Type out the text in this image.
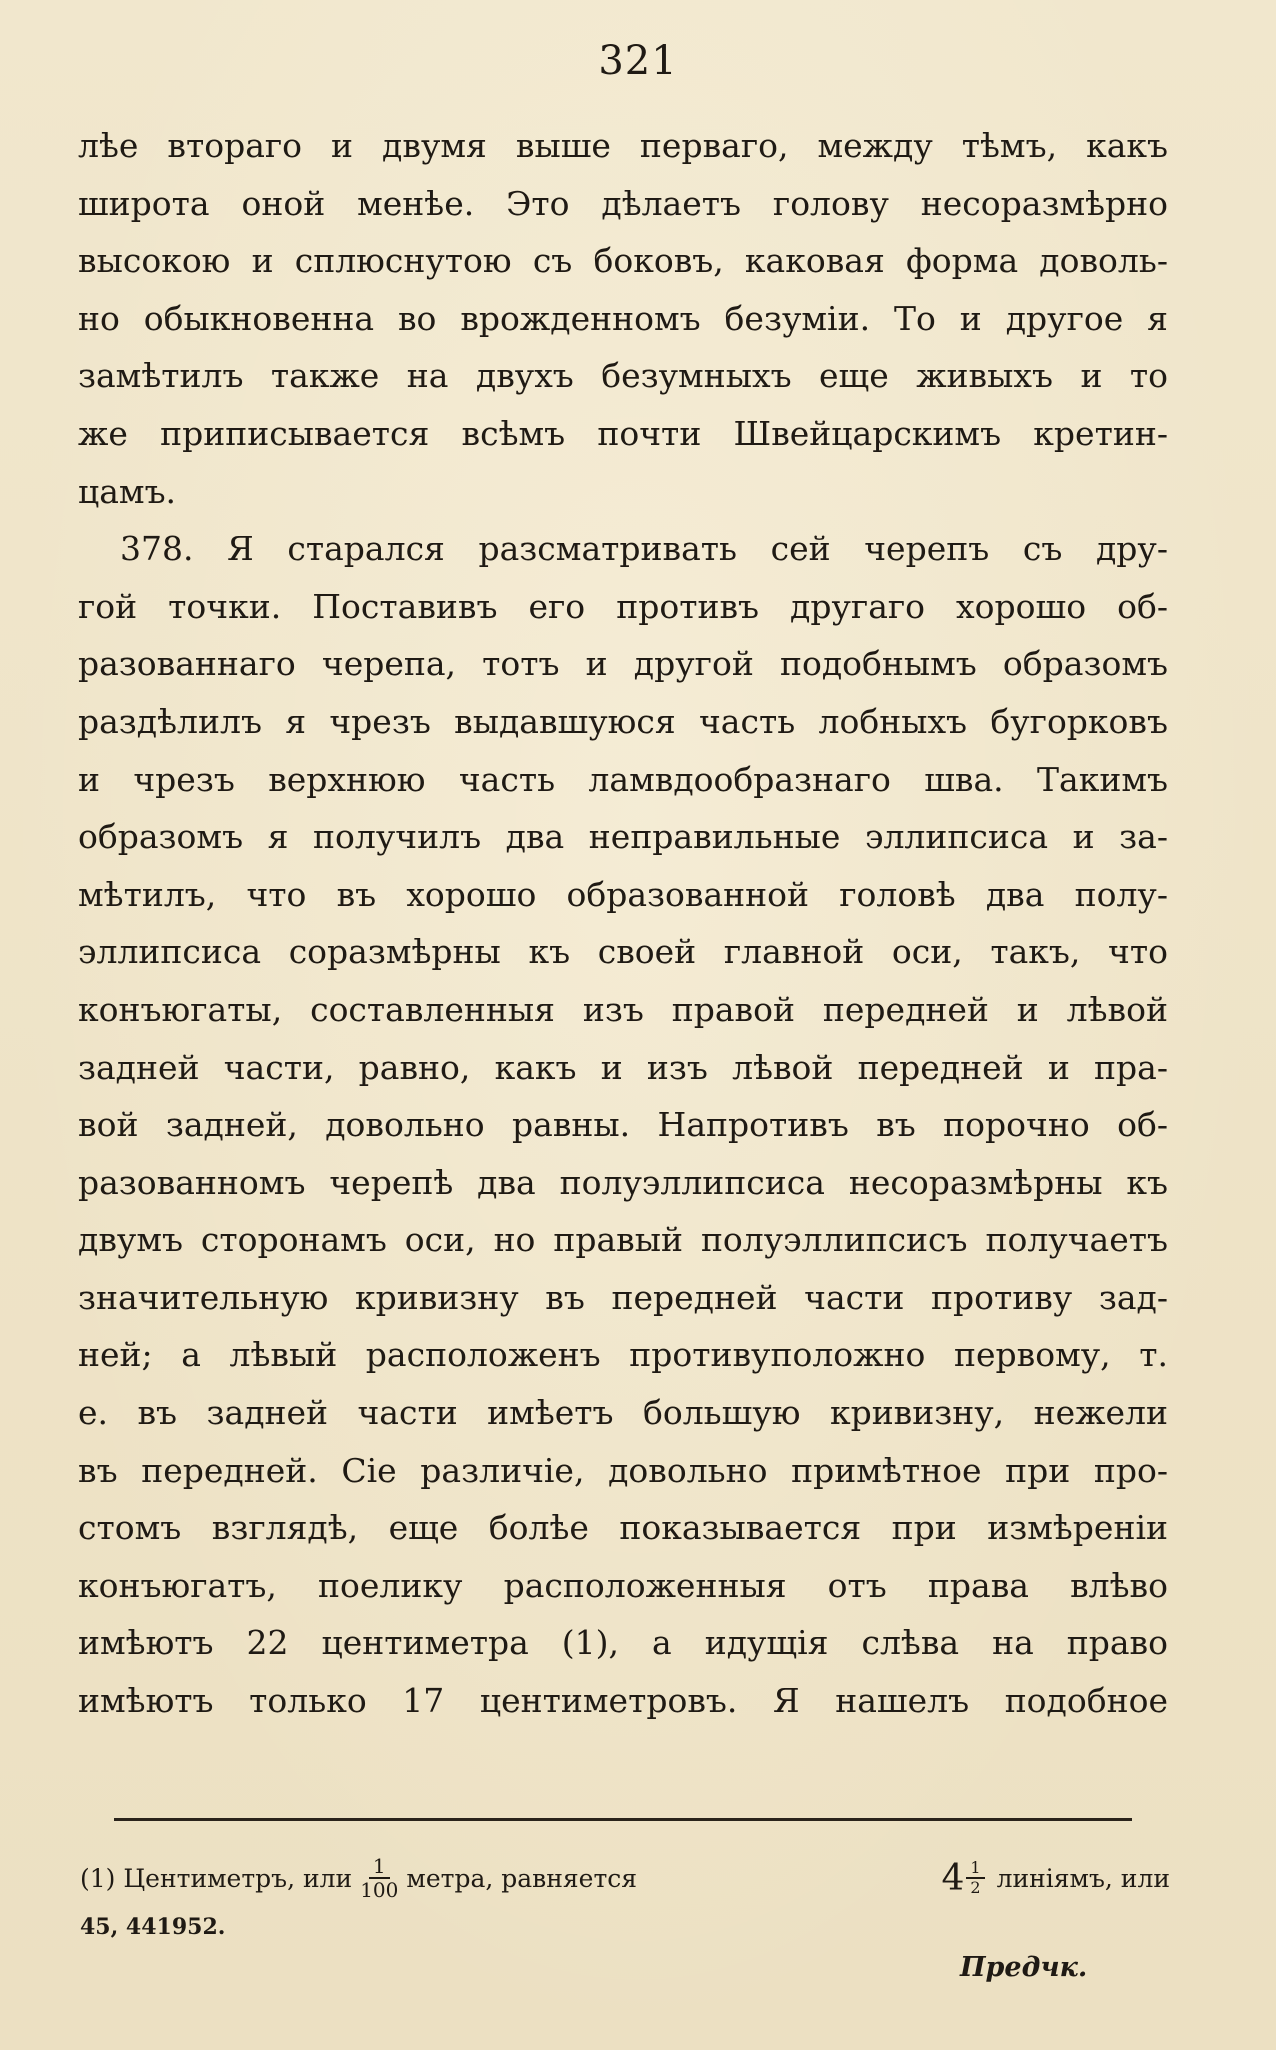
321
лѣе втораго и двумя выше перваго, между тѣмъ, какъ
широта оной менѣе. Это дѣлаетъ голову несоразмѣрно
высокою и сплюснутою съ боковъ, каковая форма доволь-
но обыкновенна во врожденномъ безуміи. То и другое я
замѣтилъ также на двухъ безумныхъ еще живыхъ и то
же приписывается всѣмъ почти Швейцарскимъ кретин-
цамъ.
378. Я старался разсматривать сей черепъ съ дру-
гой точки. Поставивъ его противъ другаго хорошо об-
разованнаго черепа, тотъ и другой подобнымъ образомъ
раздѣлилъ я чрезъ выдавшуюся часть лобныхъ бугорковъ
и чрезъ верхнюю часть ламвдообразнаго шва. Такимъ
образомъ я получилъ два неправильные эллипсиса и за-
мѣтилъ, что въ хорошо образованной головѣ два полу-
эллипсиса соразмѣрны къ своей главной оси, такъ, что
конъюгаты, составленныя изъ правой передней и лѣвой
задней части, равно, какъ и изъ лѣвой передней и пра-
вой задней, довольно равны. Напротивъ въ порочно об-
разованномъ черепѣ два полуэллипсиса несоразмѣрны къ
двумъ сторонамъ оси, но правый полуэллипсисъ получаетъ
значительную кривизну въ передней части противу зад-
ней; а лѣвый расположенъ противуположно первому, т.
е. въ задней части имѣетъ большую кривизну, нежели
въ передней. Сіе различіе, довольно примѣтное при про-
стомъ взглядѣ, еще болѣе показывается при измѣреніи
конъюгатъ, поелику расположенныя отъ права влѣво
имѣютъ 22 центиметра (1), а идущія слѣва на право
имѣютъ только 17 центиметровъ. Я нашелъ подобное
(1) Центиметръ, или $\frac{1}{100}$ метра, равняется	$4 \frac{1}{2}$ линіямъ, или
45, 441952.
Пpeдчк.
